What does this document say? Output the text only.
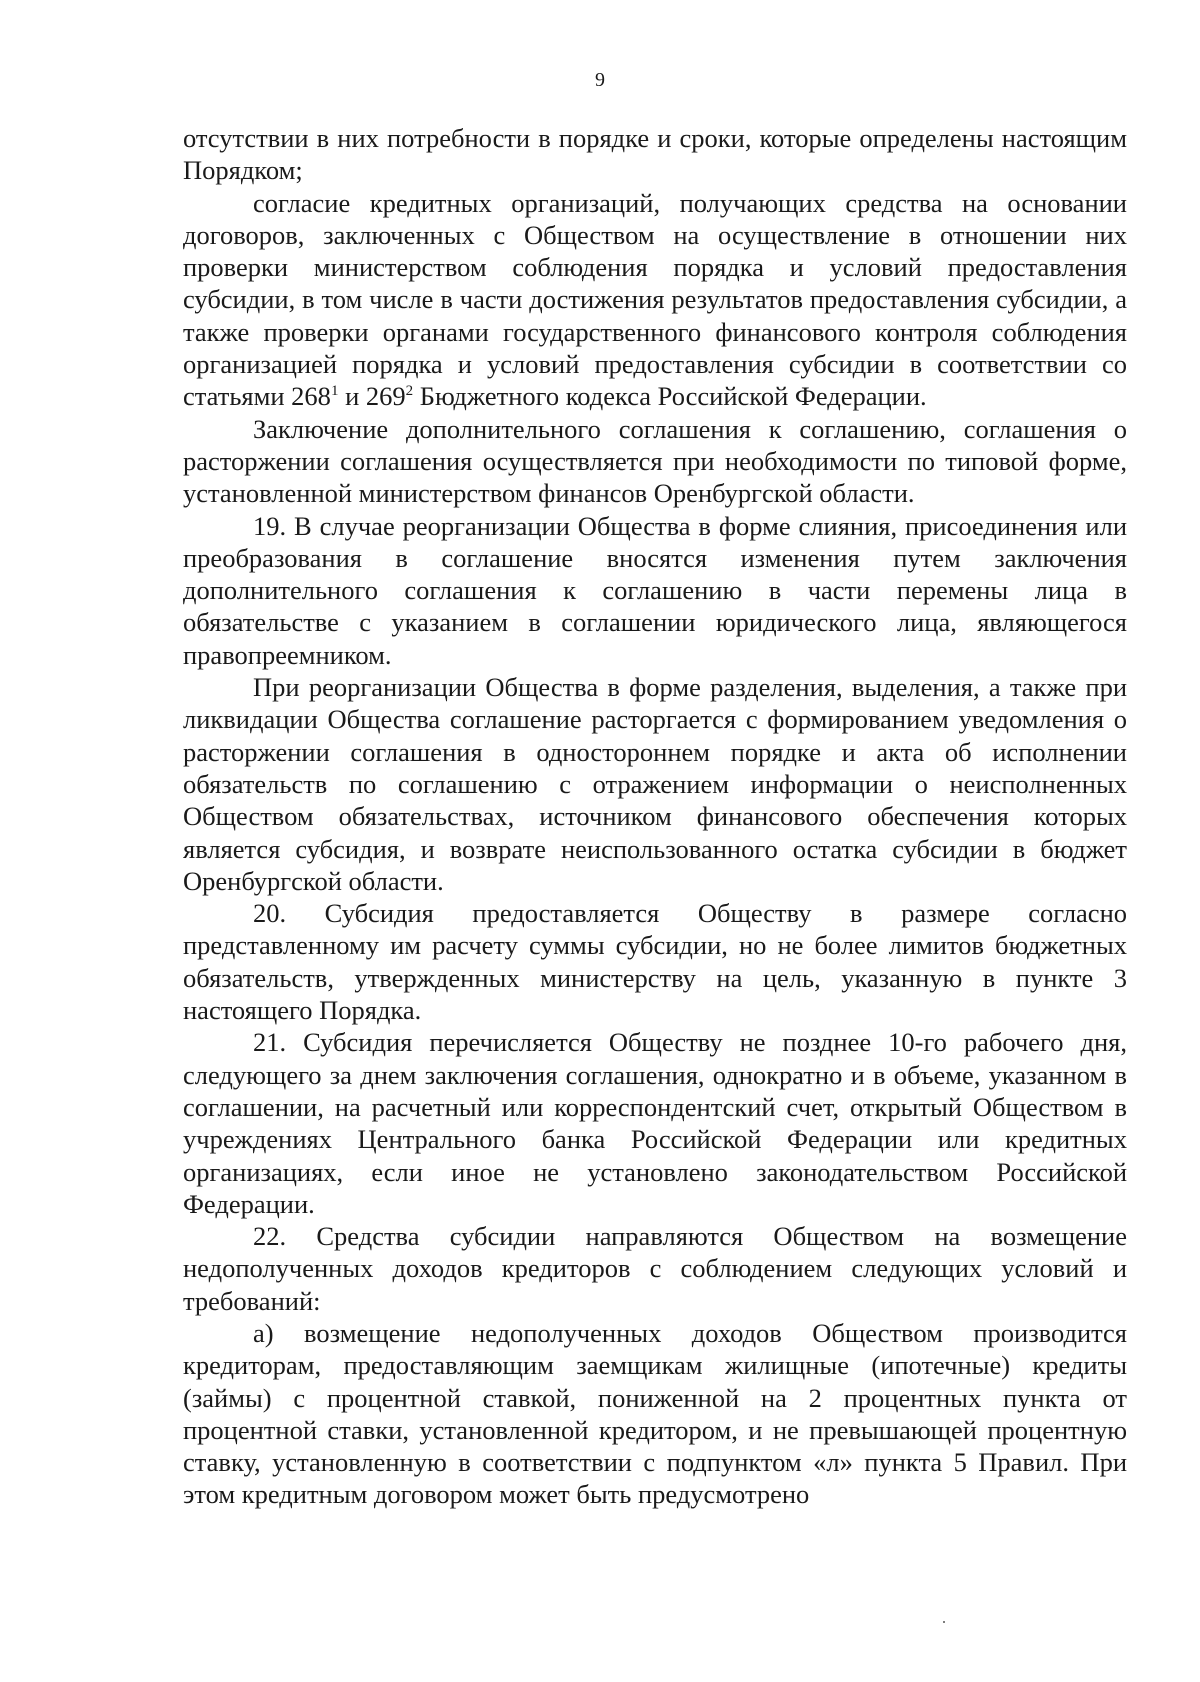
9

отсутствии в них потребности в порядке и сроки, которые определены настоящим Порядком;

согласие кредитных организаций, получающих средства на основании договоров, заключенных с Обществом на осуществление в отношении них проверки министерством соблюдения порядка и условий предоставления субсидии, в том числе в части достижения результатов предоставления субсидии, а также проверки органами государственного финансового контроля соблюдения организацией порядка и условий предоставления субсидии в соответствии со статьями $268^1$ и $269^2$ Бюджетного кодекса Российской Федерации.

Заключение дополнительного соглашения к соглашению, соглашения о расторжении соглашения осуществляется при необходимости по типовой форме, установленной министерством финансов Оренбургской области.

19. В случае реорганизации Общества в форме слияния, присоединения или преобразования в соглашение вносятся изменения путем заключения дополнительного соглашения к соглашению в части перемены лица в обязательстве с указанием в соглашении юридического лица, являющегося правопреемником.

При реорганизации Общества в форме разделения, выделения, а также при ликвидации Общества соглашение расторгается с формированием уведомления о расторжении соглашения в одностороннем порядке и акта об исполнении обязательств по соглашению с отражением информации о неисполненных Обществом обязательствах, источником финансового обеспечения которых является субсидия, и возврате неиспользованного остатка субсидии в бюджет Оренбургской области.

20. Субсидия предоставляется Обществу в размере согласно представленному им расчету суммы субсидии, но не более лимитов бюджетных обязательств, утвержденных министерству на цель, указанную в пункте 3 настоящего Порядка.

21. Субсидия перечисляется Обществу не позднее 10-го рабочего дня, следующего за днем заключения соглашения, однократно и в объеме, указанном в соглашении, на расчетный или корреспондентский счет, открытый Обществом в учреждениях Центрального банка Российской Федерации или кредитных организациях, если иное не установлено законодательством Российской Федерации.

22. Средства субсидии направляются Обществом на возмещение недополученных доходов кредиторов с соблюдением следующих условий и требований:

а) возмещение недополученных доходов Обществом производится кредиторам, предоставляющим заемщикам жилищные (ипотечные) кредиты (займы) с процентной ставкой, пониженной на 2 процентных пункта от процентной ставки, установленной кредитором, и не превышающей процентную ставку, установленную в соответствии с подпунктом «л» пункта 5 Правил. При этом кредитным договором может быть предусмотрено
